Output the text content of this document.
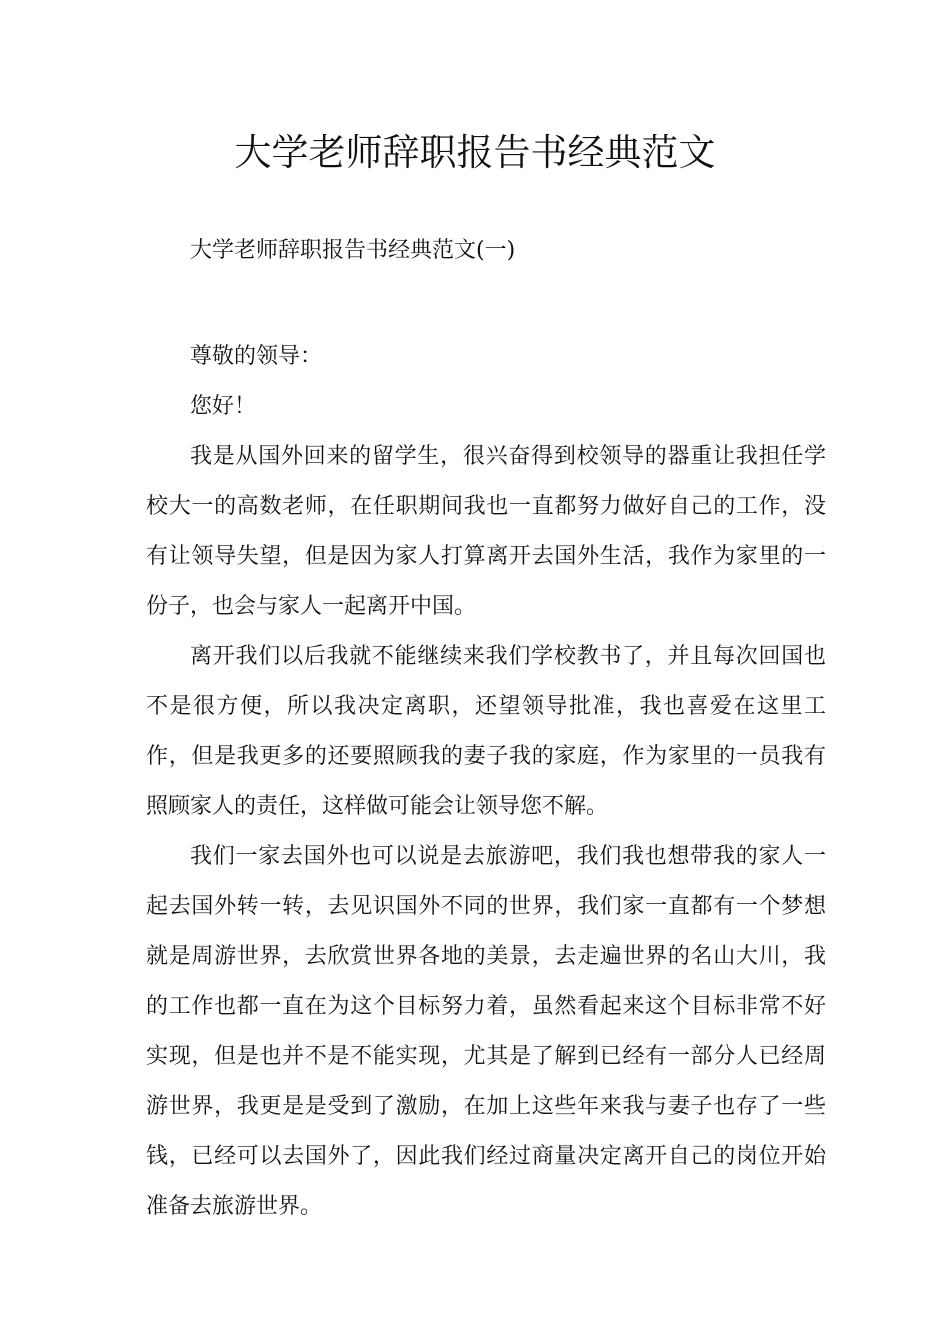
大学老师辞职报告书经典范文

大学老师辞职报告书经典范文(一)

尊敬的领导：

您好！

我是从国外回来的留学生，很兴奋得到校领导的器重让我担任学校大一的高数老师，在任职期间我也一直都努力做好自己的工作，没有让领导失望，但是因为家人打算离开去国外生活，我作为家里的一份子，也会与家人一起离开中国。

离开我们以后我就不能继续来我们学校教书了，并且每次回国也不是很方便，所以我决定离职，还望领导批准，我也喜爱在这里工作，但是我更多的还要照顾我的妻子我的家庭，作为家里的一员我有照顾家人的责任，这样做可能会让领导您不解。

我们一家去国外也可以说是去旅游吧，我们我也想带我的家人一起去国外转一转，去见识国外不同的世界，我们家一直都有一个梦想就是周游世界，去欣赏世界各地的美景，去走遍世界的名山大川，我的工作也都一直在为这个目标努力着，虽然看起来这个目标非常不好实现，但是也并不是不能实现，尤其是了解到已经有一部分人已经周游世界，我更是是受到了激励，在加上这些年来我与妻子也存了一些钱，已经可以去国外了，因此我们经过商量决定离开自己的岗位开始准备去旅游世界。
